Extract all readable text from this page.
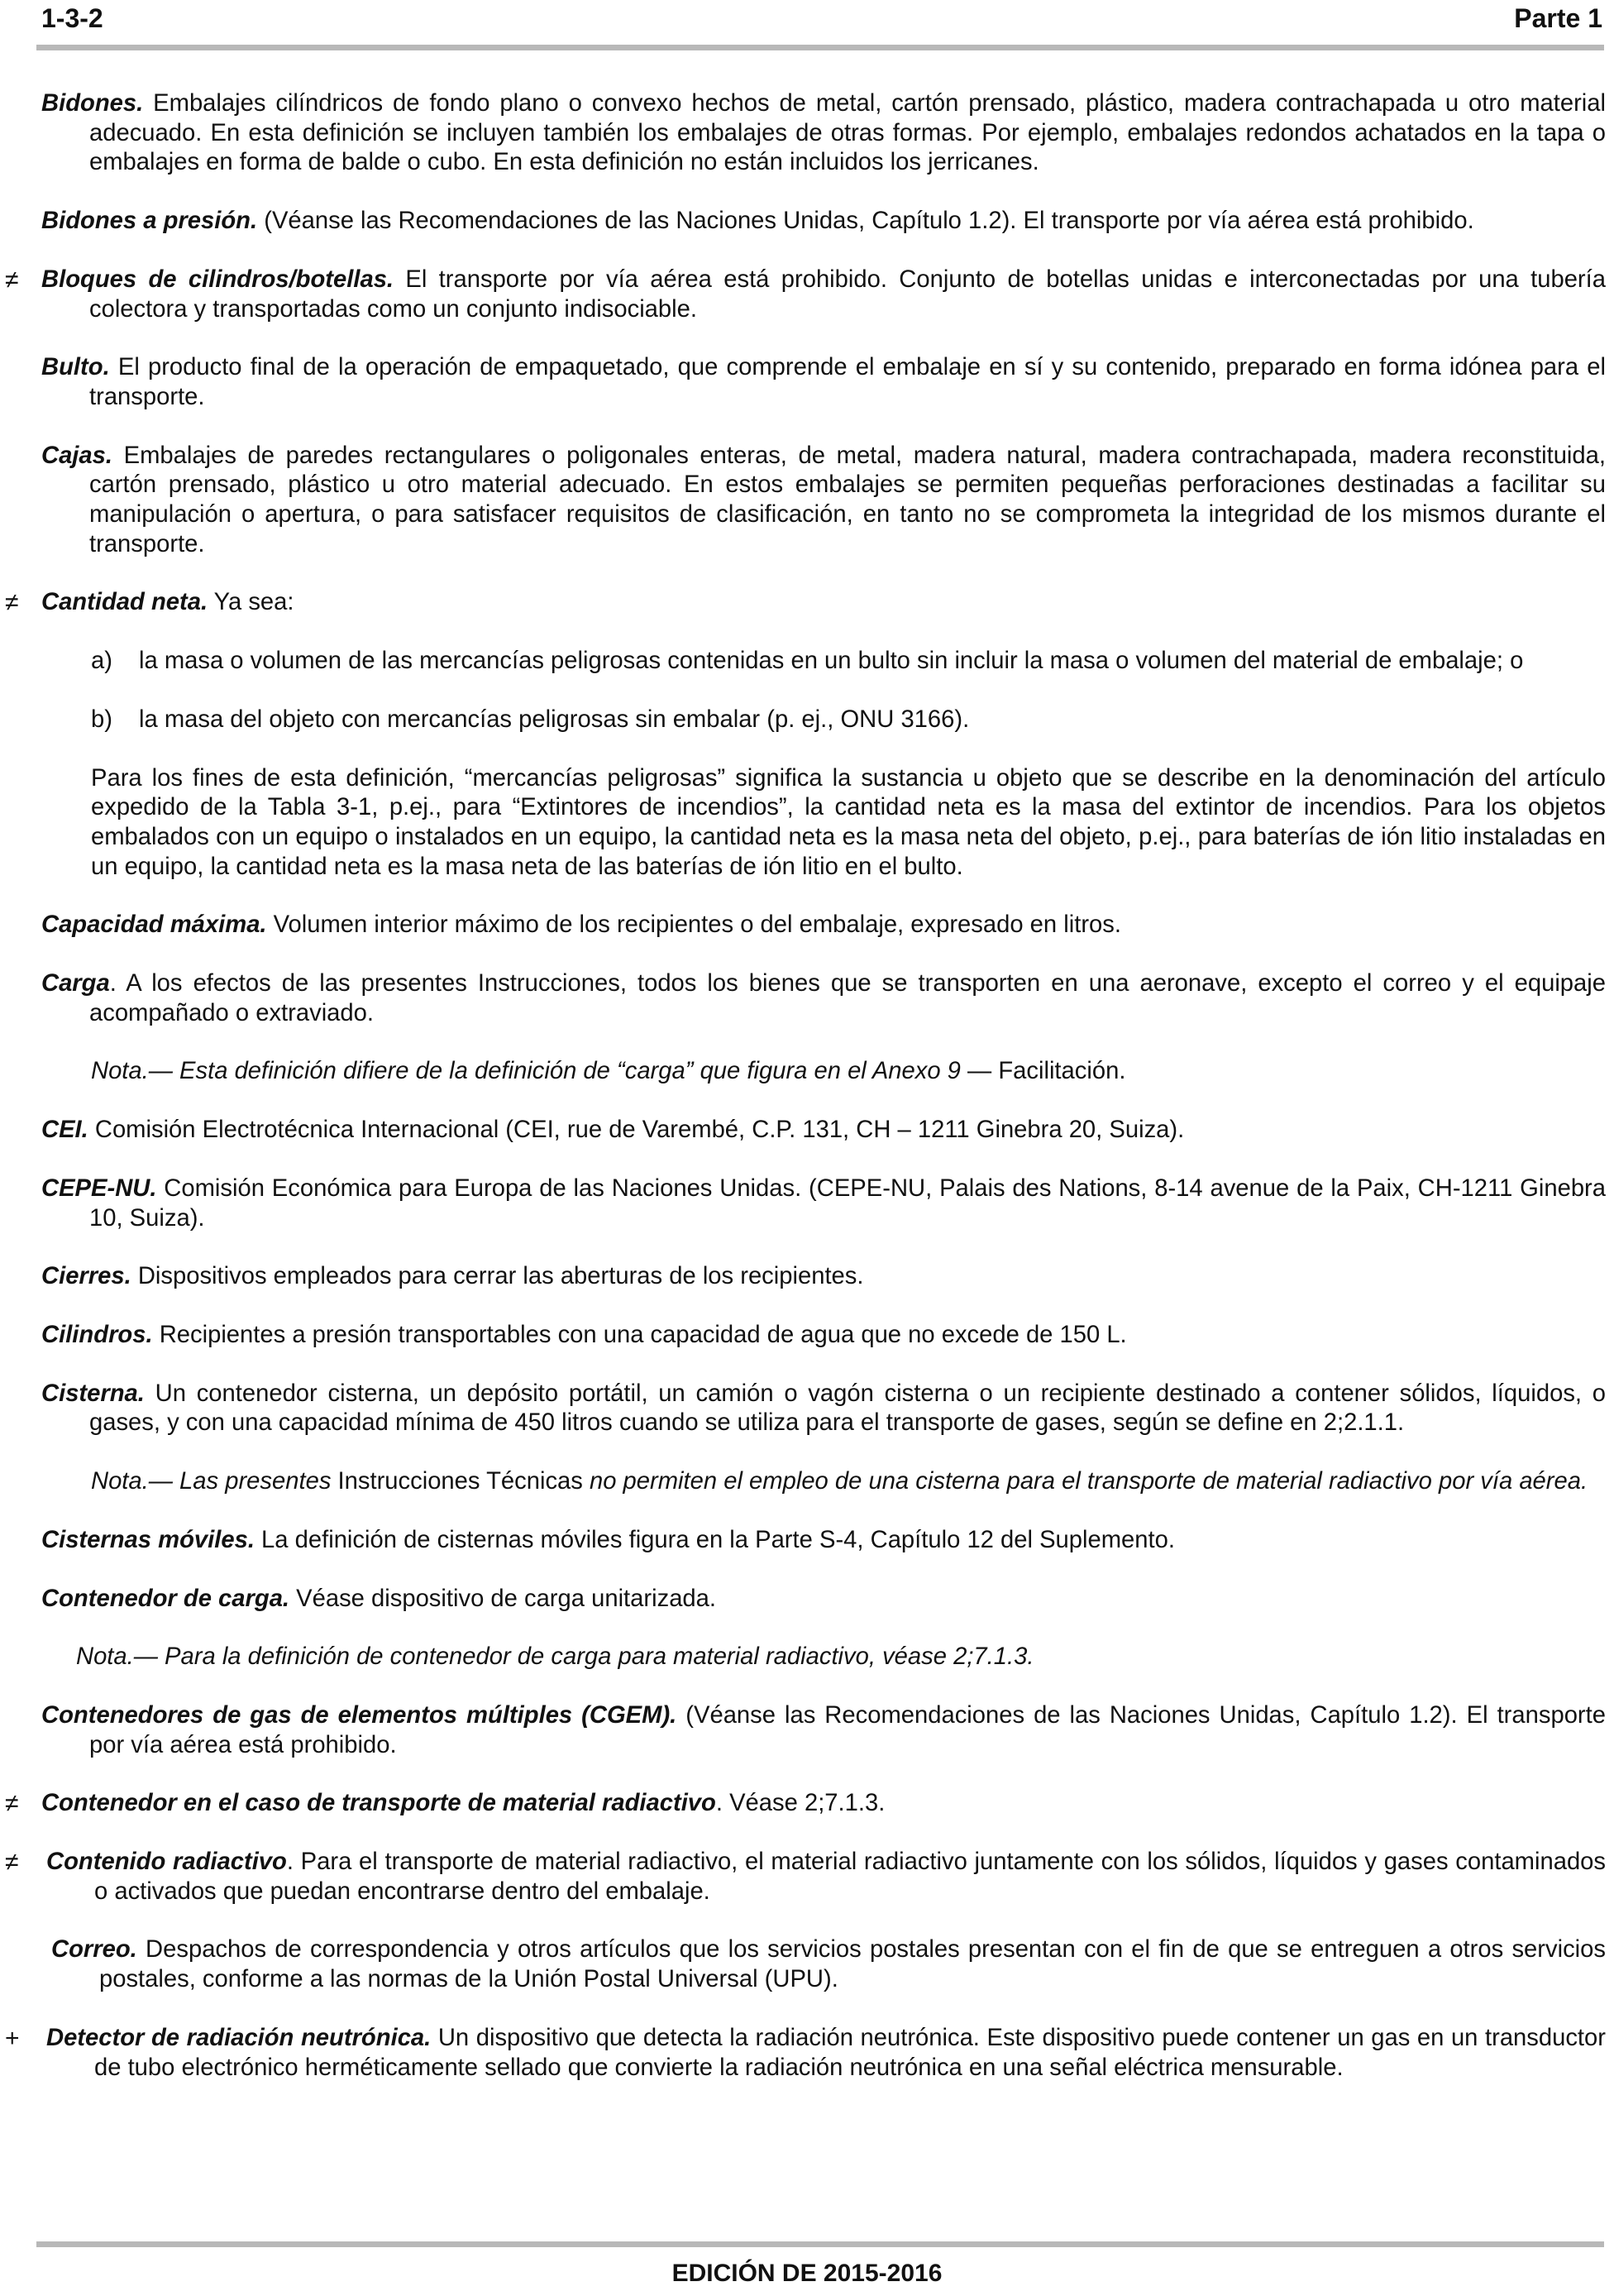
1-3-2	Parte 1
Bidones. Embalajes cilíndricos de fondo plano o convexo hechos de metal, cartón prensado, plástico, madera contrachapada u otro material adecuado. En esta definición se incluyen también los embalajes de otras formas. Por ejemplo, embalajes redondos achatados en la tapa o embalajes en forma de balde o cubo. En esta definición no están incluidos los jerricanes.
Bidones a presión. (Véanse las Recomendaciones de las Naciones Unidas, Capítulo 1.2). El transporte por vía aérea está prohibido.
≠ Bloques de cilindros/botellas. El transporte por vía aérea está prohibido. Conjunto de botellas unidas e interconectadas por una tubería colectora y transportadas como un conjunto indisociable.
Bulto. El producto final de la operación de empaquetado, que comprende el embalaje en sí y su contenido, preparado en forma idónea para el transporte.
Cajas. Embalajes de paredes rectangulares o poligonales enteras, de metal, madera natural, madera contrachapada, madera reconstituida, cartón prensado, plástico u otro material adecuado. En estos embalajes se permiten pequeñas perforaciones destinadas a facilitar su manipulación o apertura, o para satisfacer requisitos de clasificación, en tanto no se comprometa la integridad de los mismos durante el transporte.
≠ Cantidad neta. Ya sea:
a) la masa o volumen de las mercancías peligrosas contenidas en un bulto sin incluir la masa o volumen del material de embalaje; o
b) la masa del objeto con mercancías peligrosas sin embalar (p. ej., ONU 3166).
Para los fines de esta definición, “mercancías peligrosas” significa la sustancia u objeto que se describe en la denominación del artículo expedido de la Tabla 3-1, p.ej., para “Extintores de incendios”, la cantidad neta es la masa del extintor de incendios. Para los objetos embalados con un equipo o instalados en un equipo, la cantidad neta es la masa neta del objeto, p.ej., para baterías de ión litio instaladas en un equipo, la cantidad neta es la masa neta de las baterías de ión litio en el bulto.
Capacidad máxima. Volumen interior máximo de los recipientes o del embalaje, expresado en litros.
Carga. A los efectos de las presentes Instrucciones, todos los bienes que se transporten en una aeronave, excepto el correo y el equipaje acompañado o extraviado.
Nota.— Esta definición difiere de la definición de “carga” que figura en el Anexo 9 — Facilitación.
CEI. Comisión Electrotécnica Internacional (CEI, rue de Varembé, C.P. 131, CH – 1211 Ginebra 20, Suiza).
CEPE-NU. Comisión Económica para Europa de las Naciones Unidas. (CEPE-NU, Palais des Nations, 8-14 avenue de la Paix, CH-1211 Ginebra 10, Suiza).
Cierres. Dispositivos empleados para cerrar las aberturas de los recipientes.
Cilindros. Recipientes a presión transportables con una capacidad de agua que no excede de 150 L.
Cisterna. Un contenedor cisterna, un depósito portátil, un camión o vagón cisterna o un recipiente destinado a contener sólidos, líquidos, o gases, y con una capacidad mínima de 450 litros cuando se utiliza para el transporte de gases, según se define en 2;2.1.1.
Nota.— Las presentes Instrucciones Técnicas no permiten el empleo de una cisterna para el transporte de material radiactivo por vía aérea.
Cisternas móviles. La definición de cisternas móviles figura en la Parte S-4, Capítulo 12 del Suplemento.
Contenedor de carga. Véase dispositivo de carga unitarizada.
Nota.— Para la definición de contenedor de carga para material radiactivo, véase 2;7.1.3.
Contenedores de gas de elementos múltiples (CGEM). (Véanse las Recomendaciones de las Naciones Unidas, Capítulo 1.2). El transporte por vía aérea está prohibido.
≠ Contenedor en el caso de transporte de material radiactivo. Véase 2;7.1.3.
≠	Contenido radiactivo. Para el transporte de material radiactivo, el material radiactivo juntamente con los sólidos, líquidos y gases contaminados o activados que puedan encontrarse dentro del embalaje.
Correo. Despachos de correspondencia y otros artículos que los servicios postales presentan con el fin de que se entreguen a otros servicios postales, conforme a las normas de la Unión Postal Universal (UPU).
+	Detector de radiación neutrónica. Un dispositivo que detecta la radiación neutrónica. Este dispositivo puede contener un gas en un transductor de tubo electrónico herméticamente sellado que convierte la radiación neutrónica en una señal eléctrica mensurable.
EDICIÓN DE 2015-2016
